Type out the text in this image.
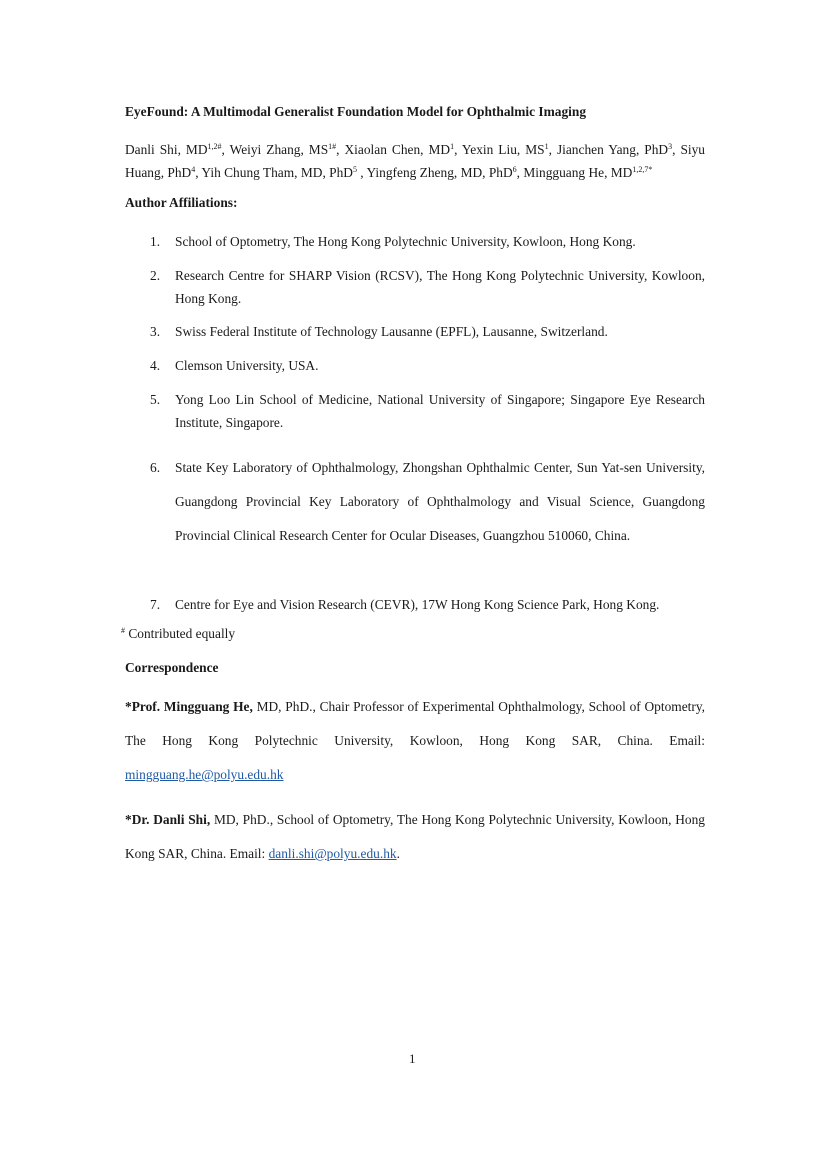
EyeFound: A Multimodal Generalist Foundation Model for Ophthalmic Imaging
Danli Shi, $MD^{1,2\#}$, Weiyi Zhang, $MS^{1\#}$, Xiaolan Chen, $MD^1$, Yexin Liu, $MS^1$, Jianchen Yang, PhD$^3$, Siyu Huang, PhD$^4$, Yih Chung Tham, MD, PhD$^5$ , Yingfeng Zheng, MD, PhD$^6$, Mingguang He, $MD^{1,2,7*}$
Author Affiliations:
1. School of Optometry, The Hong Kong Polytechnic University, Kowloon, Hong Kong.
2. Research Centre for SHARP Vision (RCSV), The Hong Kong Polytechnic University, Kowloon, Hong Kong.
3. Swiss Federal Institute of Technology Lausanne (EPFL), Lausanne, Switzerland.
4. Clemson University, USA.
5. Yong Loo Lin School of Medicine, National University of Singapore; Singapore Eye Research Institute, Singapore.
6. State Key Laboratory of Ophthalmology, Zhongshan Ophthalmic Center, Sun Yat-sen University, Guangdong Provincial Key Laboratory of Ophthalmology and Visual Science, Guangdong Provincial Clinical Research Center for Ocular Diseases, Guangzhou 510060, China.
7. Centre for Eye and Vision Research (CEVR), 17W Hong Kong Science Park, Hong Kong.
# Contributed equally
Correspondence
*Prof. Mingguang He, MD, PhD., Chair Professor of Experimental Ophthalmology, School of Optometry, The Hong Kong Polytechnic University, Kowloon, Hong Kong SAR, China. Email: mingguang.he@polyu.edu.hk
*Dr. Danli Shi, MD, PhD., School of Optometry, The Hong Kong Polytechnic University, Kowloon, Hong Kong SAR, China. Email: danli.shi@polyu.edu.hk.
1
